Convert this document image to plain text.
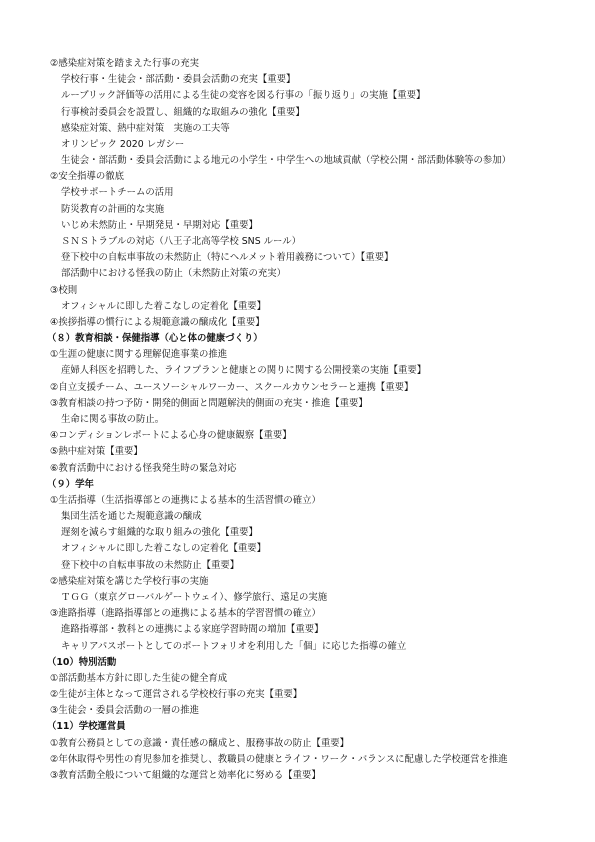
②感染症対策を踏まえた行事の充実
学校行事・生徒会・部活動・委員会活動の充実【重要】
ルーブリック評価等の活用による生徒の変容を図る行事の「振り返り」の実施【重要】
行事検討委員会を設置し、組織的な取組みの強化【重要】
感染症対策、熱中症対策　実施の工夫等
オリンピック 2020 レガシー
生徒会・部活動・委員会活動による地元の小学生・中学生への地域貢献（学校公開・部活動体験等の参加）
②安全指導の徹底
学校サポートチームの活用
防災教育の計画的な実施
いじめ未然防止・早期発見・早期対応【重要】
ＳＮＳトラブルの対応（八王子北高等学校 SNS ルール）
登下校中の自転車事故の未然防止（特にヘルメット着用義務について）【重要】
部活動中における怪我の防止（未然防止対策の充実）
③校則
オフィシャルに即した着こなしの定着化【重要】
④挨拶指導の慣行による規範意識の醸成化【重要】
（８）教育相談・保健指導（心と体の健康づくり）
①生涯の健康に関する理解促進事業の推進
産婦人科医を招聘した、ライフプランと健康との関りに関する公開授業の実施【重要】
②自立支援チーム、ユースソーシャルワーカー、スクールカウンセラーと連携【重要】
③教育相談の持つ予防・開発的側面と問題解決的側面の充実・推進【重要】
生命に関る事故の防止。
④コンディションレポートによる心身の健康観察【重要】
⑤熱中症対策【重要】
⑥教育活動中における怪我発生時の緊急対応
（９）学年
①生活指導（生活指導部との連携による基本的生活習慣の確立）
集団生活を通じた規範意識の醸成
遅刻を減らす組織的な取り組みの強化【重要】
オフィシャルに即した着こなしの定着化【重要】
登下校中の自転車事故の未然防止【重要】
②感染症対策を講じた学校行事の実施
ＴＧＧ（東京グローバルゲートウェイ）、修学旅行、遠足の実施
③進路指導（進路指導部との連携による基本的学習習慣の確立）
進路指導部・教科との連携による家庭学習時間の増加【重要】
キャリアパスポートとしてのポートフォリオを利用した「個」に応じた指導の確立
（10）特別活動
①部活動基本方針に即した生徒の健全育成
②生徒が主体となって運営される学校校行事の充実【重要】
③生徒会・委員会活動の一層の推進
（11）学校運営員
①教育公務員としての意識・責任感の醸成と、服務事故の防止【重要】
②年休取得や男性の育児参加を推奨し、教職員の健康とライフ・ワーク・バランスに配慮した学校運営を推進
③教育活動全般について組織的な運営と効率化に努める【重要】
